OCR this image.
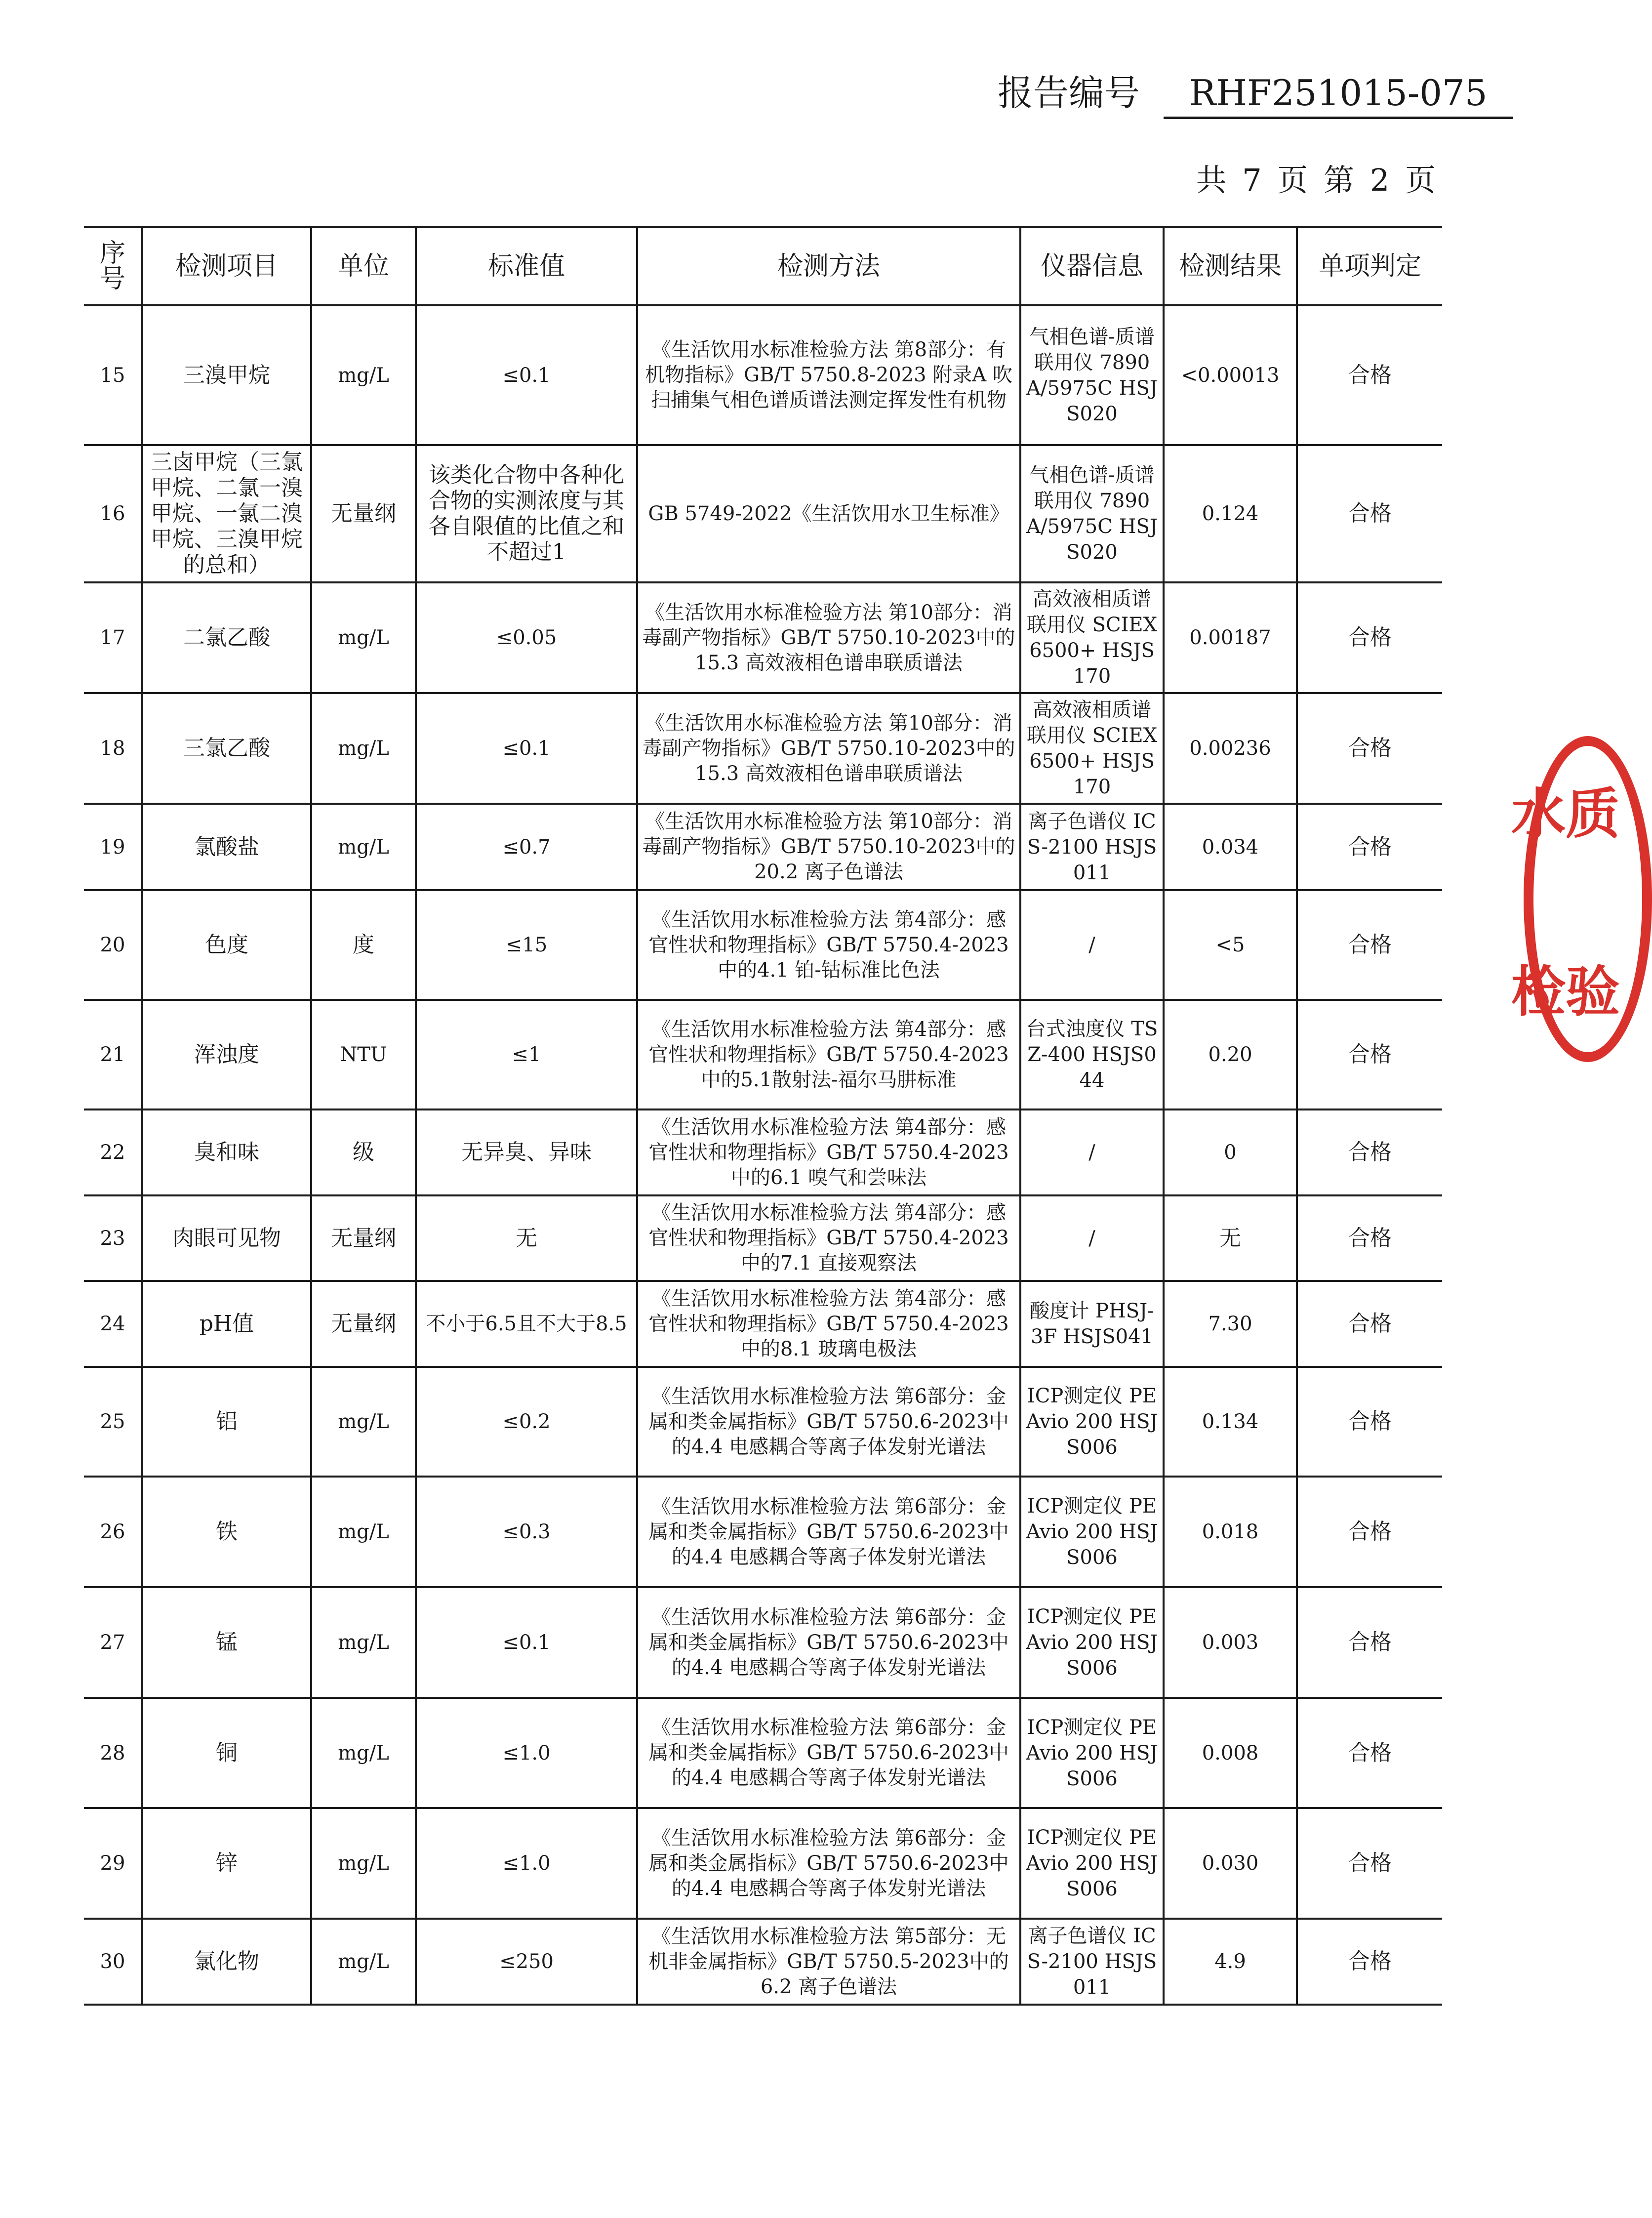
报告编号 RHF251015-075
共 7 页 第 2 页
序号	检测项目	单位	标准值	检测方法	仪器信息	检测结果	单项判定
15	三溴甲烷	mg/L	≤0.1	《生活饮用水标准检验方法 第8部分：有机物指标》GB/T 5750.8-2023 附录A 吹扫捕集气相色谱质谱法测定挥发性有机物	气相色谱-质谱联用仪 7890A/5975C HSJS020	<0.00013	合格
16	三卤甲烷（三氯甲烷、二氯一溴甲烷、一氯二溴甲烷、三溴甲烷的总和）	无量纲	该类化合物中各种化合物的实测浓度与其各自限值的比值之和不超过1	GB 5749-2022《生活饮用水卫生标准》	气相色谱-质谱联用仪 7890A/5975C HSJS020	0.124	合格
17	二氯乙酸	mg/L	≤0.05	《生活饮用水标准检验方法 第10部分：消毒副产物指标》GB/T 5750.10-2023中的15.3 高效液相色谱串联质谱法	高效液相质谱联用仪 SCIEX 6500+ HSJS170	0.00187	合格
18	三氯乙酸	mg/L	≤0.1	《生活饮用水标准检验方法 第10部分：消毒副产物指标》GB/T 5750.10-2023中的15.3 高效液相色谱串联质谱法	高效液相质谱联用仪 SCIEX 6500+ HSJS170	0.00236	合格
19	氯酸盐	mg/L	≤0.7	《生活饮用水标准检验方法 第10部分：消毒副产物指标》GB/T 5750.10-2023中的20.2 离子色谱法	离子色谱仪 ICS-2100 HSJS011	0.034	合格
20	色度	度	≤15	《生活饮用水标准检验方法 第4部分：感官性状和物理指标》GB/T 5750.4-2023中的4.1 铂-钴标准比色法	/	<5	合格
21	浑浊度	NTU	≤1	《生活饮用水标准检验方法 第4部分：感官性状和物理指标》GB/T 5750.4-2023中的5.1散射法-福尔马肼标准	台式浊度仪 TSZ-400 HSJS044	0.20	合格
22	臭和味	级	无异臭、异味	《生活饮用水标准检验方法 第4部分：感官性状和物理指标》GB/T 5750.4-2023中的6.1 嗅气和尝味法	/	0	合格
23	肉眼可见物	无量纲	无	《生活饮用水标准检验方法 第4部分：感官性状和物理指标》GB/T 5750.4-2023中的7.1 直接观察法	/	无	合格
24	pH值	无量纲	不小于6.5且不大于8.5	《生活饮用水标准检验方法 第4部分：感官性状和物理指标》GB/T 5750.4-2023中的8.1 玻璃电极法	酸度计 PHSJ-3F HSJS041	7.30	合格
25	铝	mg/L	≤0.2	《生活饮用水标准检验方法 第6部分：金属和类金属指标》GB/T 5750.6-2023中的4.4 电感耦合等离子体发射光谱法	ICP测定仪 PE Avio 200 HSJS006	0.134	合格
26	铁	mg/L	≤0.3	《生活饮用水标准检验方法 第6部分：金属和类金属指标》GB/T 5750.6-2023中的4.4 电感耦合等离子体发射光谱法	ICP测定仪 PE Avio 200 HSJS006	0.018	合格
27	锰	mg/L	≤0.1	《生活饮用水标准检验方法 第6部分：金属和类金属指标》GB/T 5750.6-2023中的4.4 电感耦合等离子体发射光谱法	ICP测定仪 PE Avio 200 HSJS006	0.003	合格
28	铜	mg/L	≤1.0	《生活饮用水标准检验方法 第6部分：金属和类金属指标》GB/T 5750.6-2023中的4.4 电感耦合等离子体发射光谱法	ICP测定仪 PE Avio 200 HSJS006	0.008	合格
29	锌	mg/L	≤1.0	《生活饮用水标准检验方法 第6部分：金属和类金属指标》GB/T 5750.6-2023中的4.4 电感耦合等离子体发射光谱法	ICP测定仪 PE Avio 200 HSJS006	0.030	合格
30	氯化物	mg/L	≤250	《生活饮用水标准检验方法 第5部分：无机非金属指标》GB/T 5750.5-2023中的6.2 离子色谱法	离子色谱仪 ICS-2100 HSJS011	4.9	合格
水质
检验
